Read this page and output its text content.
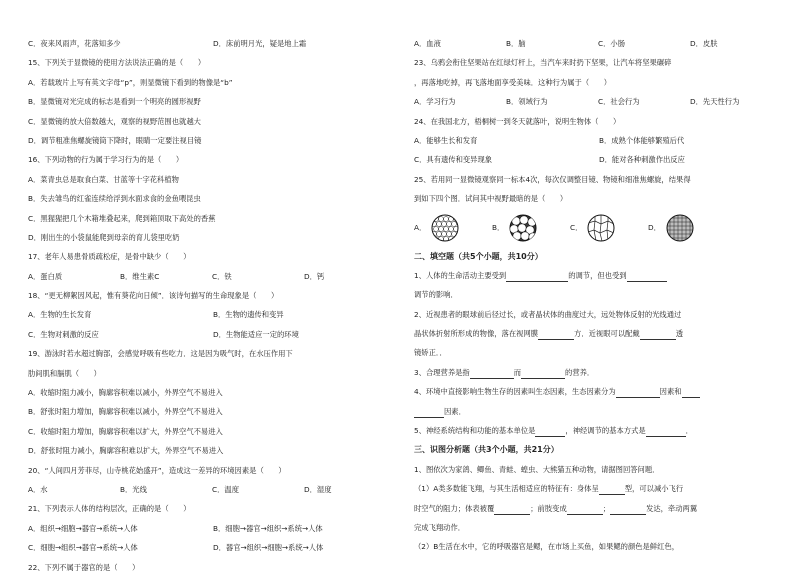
C．夜来风雨声，花落知多少	D．床前明月光，疑是地上霜
15、下列关于显微镜的使用方法说法正确的是（　　）
A．若载玻片上写有英文字母“p”，则显微镜下看到的物像是“b”
B．显微镜对光完成的标志是看到一个明亮的圆形视野
C．显微镜的放大倍数越大，观察的视野范围也就越大
D．调节粗准焦螺旋镜筒下降时，眼睛一定要注视目镜
16、下列动物的行为属于学习行为的是（　　）
A．菜青虫总是取食白菜、甘蓝等十字花科植物
B．失去雏鸟的红雀连续给浮到水面求食的金鱼喂昆虫
C．黑猩猩把几个木箱堆叠起来，爬到箱顶取下高处的香蕉
D．刚出生的小袋鼠能爬到母亲的育儿袋里吃奶
17、老年人易患骨质疏松症，是骨中缺少（　　）
A．蛋白质	B．维生素C	C．铁	D．钙
18、“更无柳絮因风起，惟有葵花向日倾”．该诗句描写的生命现象是（　　）
A．生物的生长发育	B．生物的遗传和变异
C．生物对刺激的反应	D．生物能适应一定的环境
19、游泳时若水超过胸部，会感觉呼吸有些吃力．这是因为吸气时，在水压作用下
肋间肌和膈肌（　　）
A．收缩时阻力减小，胸廓容积难以减小，外界空气不易进入
B．舒张时阻力增加，胸廓容积难以减小，外界空气不易进入
C．收缩时阻力增加，胸廓容积难以扩大，外界空气不易进入
D．舒张时阻力减小，胸廓容积难以扩大，外界空气不易进入
20、“人间四月芳菲尽，山寺桃花始盛开”，造成这一差异的环境因素是（　　）
A．水	B．光线	C．温度	D．湿度
21、下列表示人体的结构层次，正确的是（　　）
A．组织→细胞→器官→系统→人体	B．细胞→器官→组织→系统→人体
C．细胞→组织→器官→系统→人体	D．器官→组织→细胞→系统→人体
22、下列不属于器官的是（　　）
A．血液	B．脑	C．小肠	D．皮肤
23、乌鸦会衔住坚果站在红绿灯杆上，当汽车来时扔下坚果，让汽车将坚果碾碎
，再落地吃掉，再飞落地面享受美味．这种行为属于（　　）
A．学习行为	B．领域行为	C．社会行为	D．先天性行为
24、在我国北方，梧桐树一到冬天就落叶，说明生物体（　　）
A．能够生长和发育	B．成熟个体能够繁殖后代
C．具有遗传和变异现象	D．能对各种刺激作出反应
25、若用同一显微镜观察同一标本4次，每次仅调整目镜、物镜和细准焦螺旋，结果得
到如下四个图．试问其中视野最暗的是（　　）
A．	B．	C．	D．
二、填空题（共5个小题，共10分）
1、人体的生命活动主要受到	的调节，但也受到
调节的影响．
2、近视患者的眼球前后径过长，或者晶状体的曲度过大，远处物体反射的光线通过
晶状体折射所形成的物像，落在视网膜	方．近视眼可以配戴	透
镜矫正．．
3、合理营养是指	而	的营养．
4、环境中直接影响生物生存的因素叫生态因素，生态因素分为	因素和
因素．
5、神经系统结构和功能的基本单位是	，神经调节的基本方式是	．
三、识图分析题（共3个小题，共21分）
1、图依次为家鸽、鲫鱼、青蛙、蝗虫、大熊猫五种动物，请据图回答问题．
（1）A类多数能飞翔，与其生活相适应的特征有：身体呈	型，可以减小飞行
时空气的阻力；体表被覆	；前肢变成	；	发达，牵动两翼
完成飞翔动作．
（2）B生活在水中，它的呼吸器官是鳃，在市场上买鱼，如果鳃的颜色是鲜红色，
